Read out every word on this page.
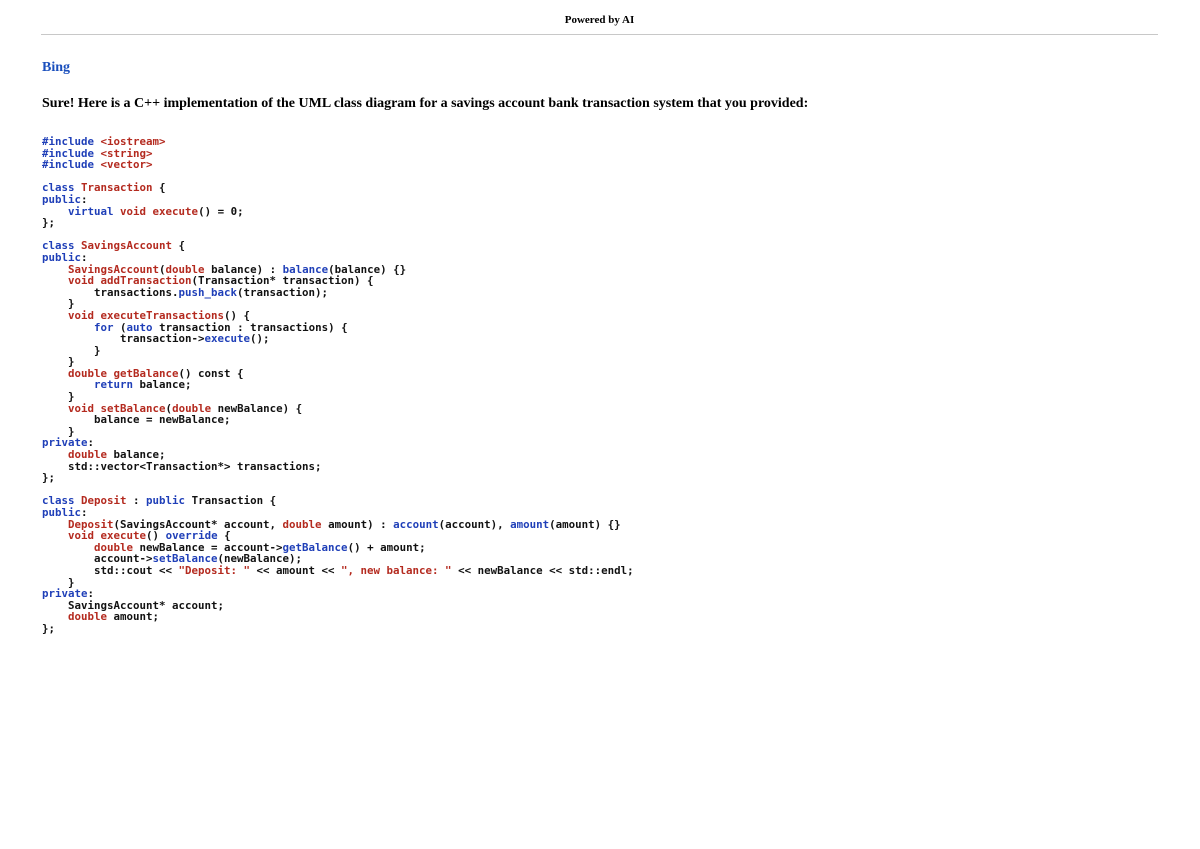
Powered by AI
Bing
Sure! Here is a C++ implementation of the UML class diagram for a savings account bank transaction system that you provided:
#include <iostream>
#include <string>
#include <vector>

class Transaction {
public:
virtual void execute() = 0;
};

class SavingsAccount {
public:
SavingsAccount(double balance) : balance(balance) {}
void addTransaction(Transaction* transaction) {
transactions.push_back(transaction);
}
void executeTransactions() {
for (auto transaction : transactions) {
transaction->execute();
}
}
double getBalance() const {
return balance;
}
void setBalance(double newBalance) {
balance = newBalance;
}
private:
double balance;
std::vector<Transaction*> transactions;
};

class Deposit : public Transaction {
public:
Deposit(SavingsAccount* account, double amount) : account(account), amount(amount) {}
void execute() override {
double newBalance = account->getBalance() + amount;
account->setBalance(newBalance);
std::cout << "Deposit: " << amount << ", new balance: " << newBalance << std::endl;
}
private:
SavingsAccount* account;
double amount;
};
